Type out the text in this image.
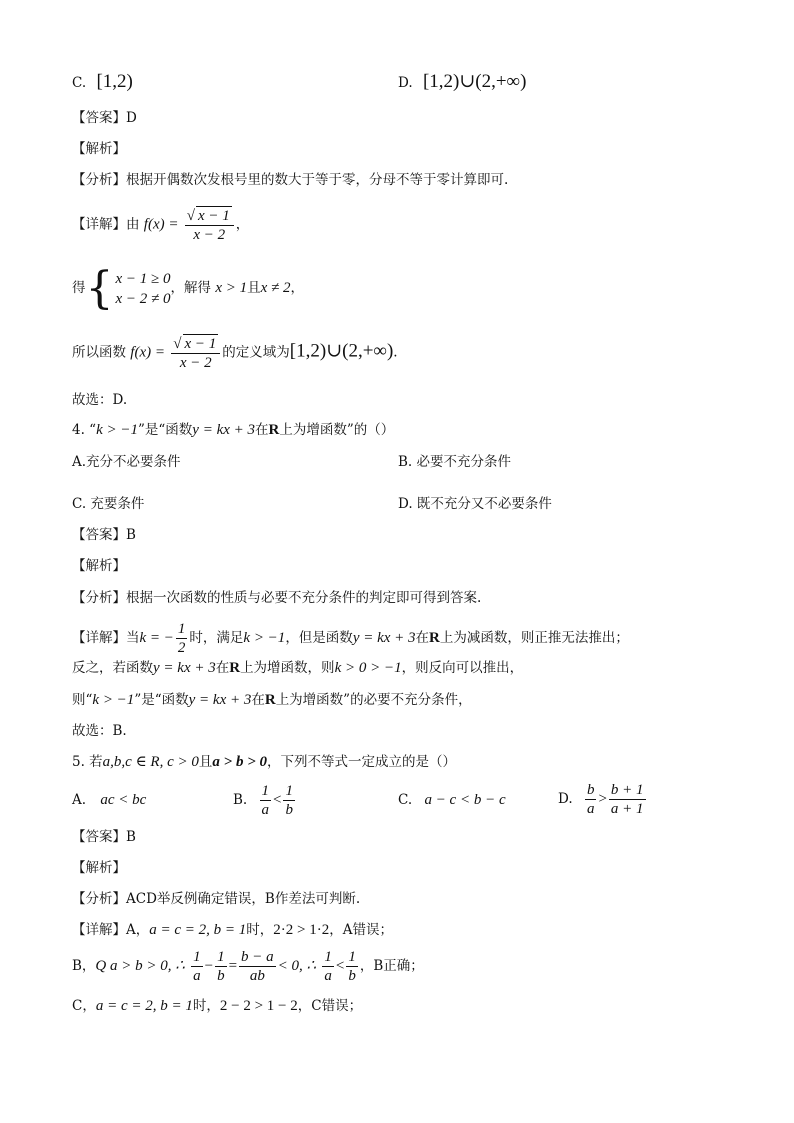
C. [1,2)	D. [1,2)∪(2,+∞)
【答案】D
【解析】
【分析】根据开偶数次发根号里的数大于等于零，分母不等于零计算即可.
【详解】由 $f(x) = \frac{√ x - 1}{x - 2}$ ，
得{ x − 1 ≥ 0
x − 2 ≠ 0
，解得 x > 1且x ≠ 2，
所以函数 $f(x) = \frac{√ x - 1}{x - 2}$ 的定义域为[1,2)∪(2,+∞).
故选：D.
4. “k > −1”是“函数y = kx + 3在R上为增函数”的（）
A.充分不必要条件	B. 必要不充分条件
C. 充要条件	D. 既不充分又不必要条件
【答案】B
【解析】
【分析】根据一次函数的性质与必要不充分条件的判定即可得到答案.
【详解】当k = − $\frac{1}{2}$ 时，满足k > −1，但是函数y = kx + 3在R上为减函数，则正推无法推出；
反之，若函数y = kx + 3在R上为增函数，则k > 0 > −1，则反向可以推出，
则“k > −1”是“函数y = kx + 3在R上为增函数”的必要不充分条件，
故选：B.
5. 若a,b,c ∈ R, c > 0且a > b > 0，下列不等式一定成立的是（）
A. ac < bc	B. $\frac{1}{a} < \frac{1}{b}$	C. a − c < b − c	D. $\frac{b}{a} > \frac{b + 1}{a + 1}$
【答案】B
【解析】
【分析】ACD举反例确定错误，B作差法可判断.
【详解】A，a = c = 2, b = 1时，2·2 > 1·2，A错误；
B，Q a > b > 0, ∴ $\frac{1}{a} - \frac{1}{b} = \frac{b - a}{ab} < 0$, ∴ $\frac{1}{a} < \frac{1}{b}$ ，B正确；
C，a = c = 2, b = 1时，2 − 2 > 1 − 2，C错误；
